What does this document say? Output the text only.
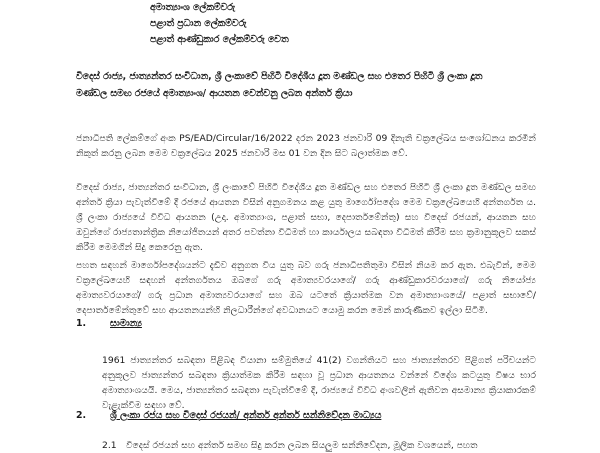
අමාත්‍යාංශ ලේකම්වරු
පළාත් ප්‍රධාන ලේකම්වරු
පළාත් ආණ්ඩුකාර ලේකම්වරු වෙත
විදෙස් රාජ්‍ය, ජාත්‍යන්තර සංවිධාන, ශ්‍රී ලංකාවේ පිහිටි විදේශීය දූත මණ්ඩල සහ එතෙර පිහිටි ශ්‍රී ලංකා දූත මණ්ඩල සමඟ රජයේ අමාත්‍යාංශ/ ආයතන වෙන්වනු ලබන අන්තර් ක්‍රියා
ජනාධිපති ලේකම්ගේ අංක PS/EAD/Circular/16/2022 දරන 2023 ජනවාරි 09 දිනැති චක්‍රලේඛය සංශෝධනය කරමින් නිකුත් කරනු ලබන මෙම චක්‍රලේඛය 2025 ජනවාරි මස 01 වන දින සිට බලාත්මක වේ.
විදෙස් රාජ්‍ය, ජාත්‍යන්තර සංවිධාන, ශ්‍රී ලංකාවේ පිහිටි විදේශීය දූත මණ්ඩල සහ එතෙර පිහිටි ශ්‍රී ලංකා දූත මණ්ඩල සමඟ අන්තර් ක්‍රියා පැවැත්වීමේ දී රජයේ ආයතන විසින් අනුගමනය කළ යුතු මාර්ගෝපදේශ මෙම චක්‍රලේඛයෙහි අන්තර්ගත ය. ශ්‍රී ලංකා රාජ්‍යයේ විවිධ ආයතන (උදා. අමාත්‍යාංශ, පළාත් සභා, දෙපාර්තමේන්තු) සහ විදෙස් රජයන්, ආයතන සහ ඔවුන්ගේ රාජ්‍යතාන්ත්‍රික නියෝජිතයන් අතර පවත්නා විධිමත් හා කාර්යාලය සබඳතා විධිමත් කිරීම සහ ක්‍රමානුකූලව සකස් කිරීම මෙමගින් සිදු කෙරෙනු ඇත.
පහත සඳහන් මාර්ගෝපදේශයන්ට දැඩිව අනුගත විය යුතු බව ගරු ජනාධිපතිතුමා විසින් නියම කර ඇත. එබැවින්, මෙම චක්‍රලේඛයෙහි සඳහන් අන්තර්ගතය ඔබගේ ගරු අමාත්‍යවරයාගේ/ ගරු ආණ්ඩුකාරවරයාගේ/ ගරු නියෝජ්‍ය අමාත්‍යවරයාගේ/ ගරු ප්‍රධාන අමාත්‍යවරයාගේ සහ ඔබ යටතේ ක්‍රියාත්මක වන අමාත්‍යාංශයේ/ පළාත් සභාවේ/ දෙපාර්තමේන්තුවේ සහ ආයතනයන්හි නිලධාරීන්ගේ අවධානයට යොමු කරන මෙන් කාරුණිකව ඉල්ලා සිටිමි.
1.	සාමාන්‍ය
1961 ජාත්‍යන්තර සබඳතා පිළිබඳ වියානා සම්මුතියේ 41(2) වගන්තියට සහ ජාත්‍යන්තරව පිළිගත් පරිචයන්ට අනුකූලව ජාත්‍යන්තර සබඳතා ක්‍රියාත්මක කිරීම සඳහා වූ ප්‍රධාන ආයතනය වන්නේ විදේශ කටයුතු විෂය භාර අමාත්‍යාංශයයි. මෙය, ජාත්‍යන්තර සබඳතා පැවැත්වීමේ දී, රාජ්‍යයේ විවිධ අංශවලින් ඇතිවන අසමාන්‍ය ක්‍රියාකාරකම් වැළැක්වීම සඳහා වේ.
2.	ශ්‍රී ලංකා රජය සහ විදෙස් රජයන්/ අන්තර් අන්තර් සන්නිවේදන මාධ්‍යය
2.1 විදෙස් රජයන් සහ අන්තර් සමඟ සිදු කරන ලබන සියලුම සන්නිවේදන, මූලික වශයෙන්, පහත
